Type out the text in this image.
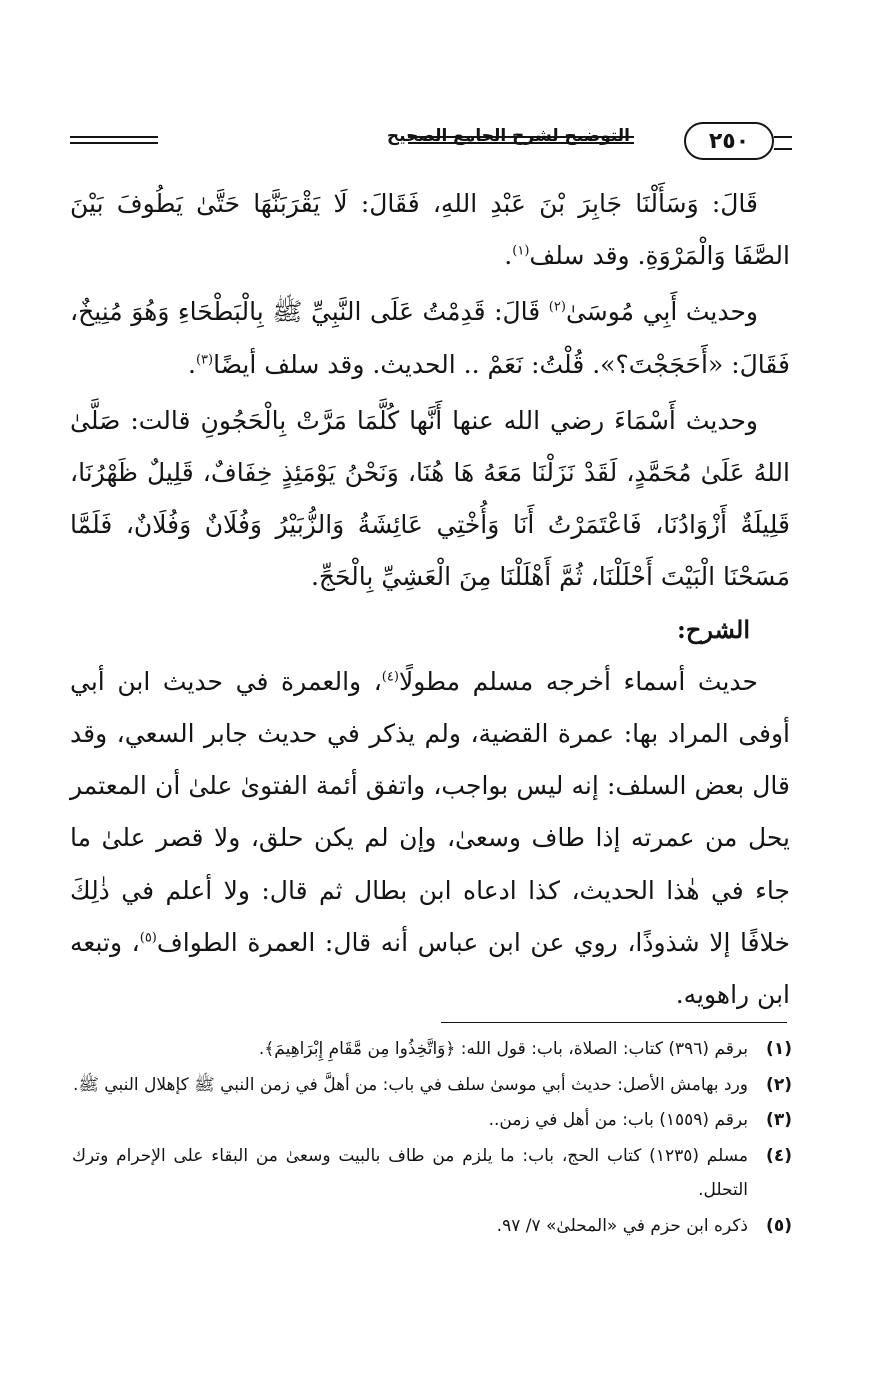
التوضيح لشرح الجامع الصحيح	٢٥٠

قَالَ: وَسَأَلْنَا جَابِرَ بْنَ عَبْدِ اللهِ، فَقَالَ: لَا يَقْرَبَنَّهَا حَتَّىٰ يَطُوفَ بَيْنَ الصَّفَا وَالْمَرْوَةِ. وقد سلف$^{(١)}$.

وحديث أَبِي مُوسَىٰ$^{(٢)}$ قَالَ: قَدِمْتُ عَلَى النَّبِيِّ ﷺ بِالْبَطْحَاءِ وَهُوَ مُنِيخٌ، فَقَالَ: «أَحَجَجْتَ؟». قُلْتُ: نَعَمْ .. الحديث. وقد سلف أيضًا$^{(٣)}$.

وحديث أَسْمَاءَ رضي الله عنها أَنَّها كُلَّمَا مَرَّتْ بِالْحَجُونِ قالت: صَلَّىٰ اللهُ عَلَىٰ مُحَمَّدٍ، لَقَدْ نَزَلْنَا مَعَهُ هَا هُنَا، وَنَحْنُ يَوْمَئِذٍ خِفَافٌ، قَلِيلٌ ظَهْرُنَا، قَلِيلَةٌ أَزْوَادُنَا، فَاعْتَمَرْتُ أَنَا وَأُخْتِي عَائِشَةُ وَالزُّبَيْرُ وَفُلَانٌ وَفُلَانٌ، فَلَمَّا مَسَحْنَا الْبَيْتَ أَحْلَلْنَا، ثُمَّ أَهْلَلْنَا مِنَ الْعَشِيِّ بِالْحَجِّ.

الشرح:

حديث أسماء أخرجه مسلم مطولًا$^{(٤)}$، والعمرة في حديث ابن أبي أوفى المراد بها: عمرة القضية، ولم يذكر في حديث جابر السعي، وقد قال بعض السلف: إنه ليس بواجب، واتفق أئمة الفتوىٰ علىٰ أن المعتمر يحل من عمرته إذا طاف وسعىٰ، وإن لم يكن حلق، ولا قصر علىٰ ما جاء في هٰذا الحديث، كذا ادعاه ابن بطال ثم قال: ولا أعلم في ذٰلِكَ خلافًا إلا شذوذًا، روي عن ابن عباس أنه قال: العمرة الطواف$^{(٥)}$، وتبعه ابن راهويه.

(١)
برقم (٣٩٦) كتاب: الصلاة، باب: قول الله: ﴿وَاتَّخِذُوا مِن مَّقَامِ إِبْرَاهِيمَ﴾.
(٢)
ورد بهامش الأصل: حديث أبي موسىٰ سلف في باب: من أهلَّ في زمن النبي ﷺ كإهلال النبي ﷺ.
(٣)
برقم (١٥٥٩) باب: من أهل في زمن..
(٤)
مسلم (١٢٣٥) كتاب الحج، باب: ما يلزم من طاف بالبيت وسعىٰ من البقاء على الإحرام وترك التحلل.
(٥)
ذكره ابن حزم في «المحلىٰ» ٧/ ٩٧.
